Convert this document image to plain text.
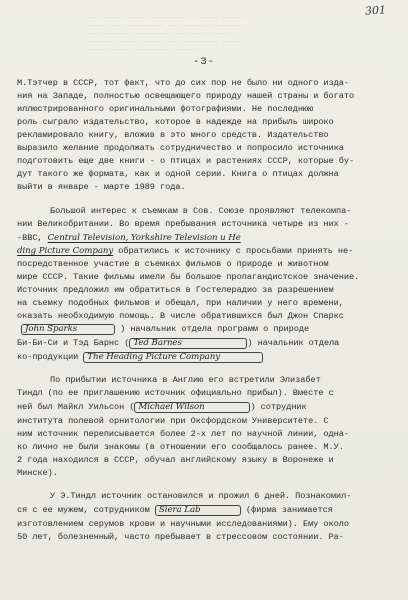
––– –––––– ––––– –––––––– –– ––––– ––––––
––––– –––– ––––––––– ––– –––––– ––––––––
–––– ––––––– –––––––– –––– –––– –––––
––––––– ––––– –––––– ––– ––––––––– –––––
–––––– –––– ––––––––– –––––––

301
-3-
М.Тэтчер в СССР, тот факт, что до сих пор не было ни одного изда-
ния на Западе, полностью освещающего природу нашей страны и богато
иллюстрированного оригинальными фотографиями. Не последнюю
роль сыграло издательство, которое в надежде на прибыль широко
рекламировало книгу, вложив в это много средств. Издательство
выразило желание продолжать сотрудничество и попросило источника
подготовить еще две книги - о птицах и растениях СССР, которые бу-
дут такого же формата, как и одной серии. Книга о птицах должна
выйти в январе - марте 1989 года.
Большой интерес к съемкам в Сов. Союзе проявляют телекомпа-
нии Великобритании. Во время пребывания источника четыре из них -
-ВВС, Central Television, Yorkshire Television и He
ding Picture Company обратились к источнику с просьбами принять не-
посредственное участие в съемках фильмов о природе и животном
мире СССР. Такие фильмы имели бы большое пропагандистское значение.
Источник предложил им обратиться в Гостелерадио за разрешением
на съемку подобных фильмов и обещал, при наличии у него времени,
оказать необходимую помощь. В числе обратившихся был Джон Спаркс
John Sparks	) начальник отдела программ о природе
Би-Би-Си и Тэд Барнс ( Ted Barnes	) начальник отдела
ко-продукции The Heading Picture Company
По прибытии источника в Англию его встретили Элизабет
Тиндл (по ее приглашению источник официально прибыл). Вместе с
ней был Майкл Уильсон ( Michael Wilson	) сотрудник
института полевой орнитологии при Оксфордском Университете. С
ним источник переписывается более 2-х лет по научной линии, одна-
ко лично не были знакомы (в отношении его сообщалось ранее. М.У.
2 года находился в СССР, обучал английскому языку в Воронеже и
Минске).
У Э.Тиндл источник остановился и прожил 6 дней. Познакомил-
ся с ее мужем, сотрудником Siera Lab	(фирма занимается
изготовлением серумов крови и научными исследованиями). Ему около
50 лет, болезненный, часто пребывает в стрессовом состоянии. Ра-
